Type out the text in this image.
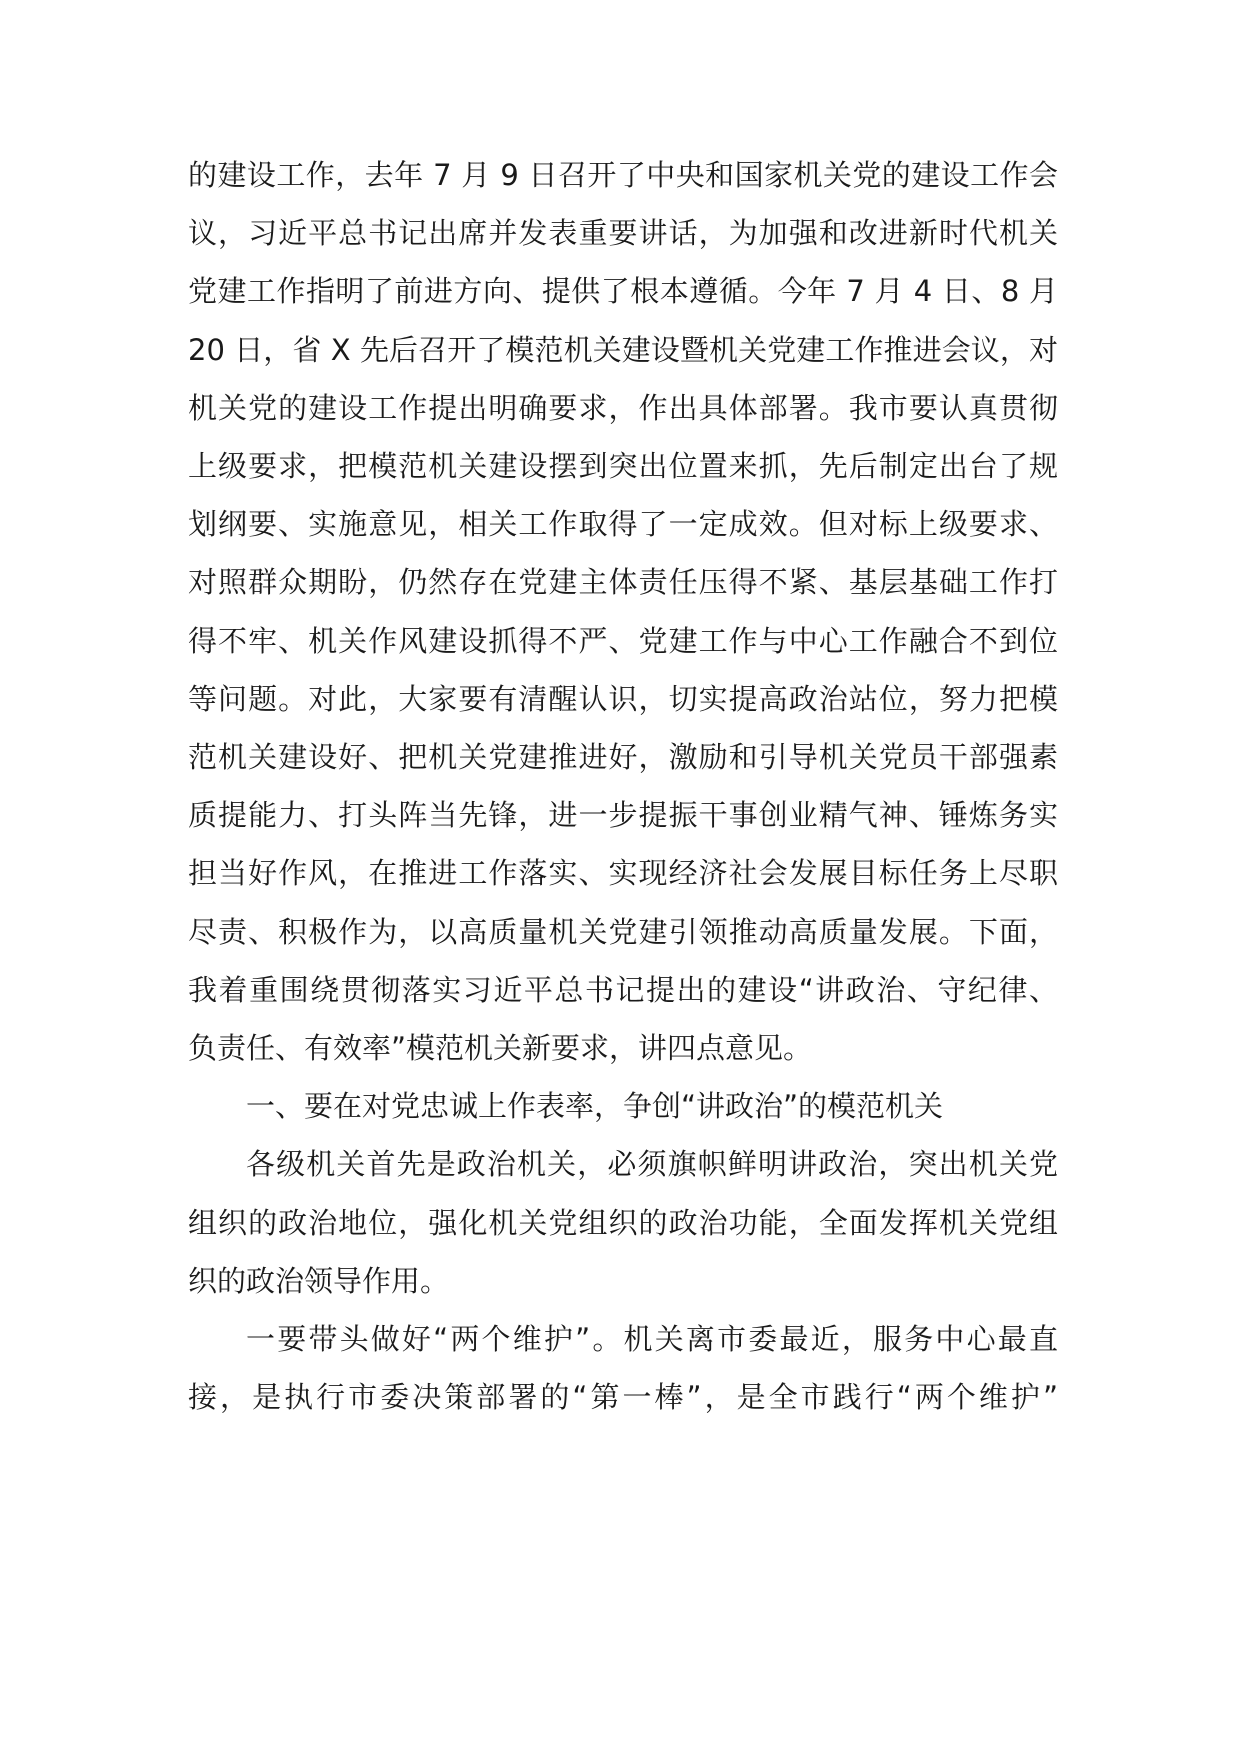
的建设工作，去年 7 月 9 日召开了中央和国家机关党的建设工作会
议，习近平总书记出席并发表重要讲话，为加强和改进新时代机关
党建工作指明了前进方向、提供了根本遵循。今年 7 月 4 日、8 月
20 日，省 X 先后召开了模范机关建设暨机关党建工作推进会议，对
机关党的建设工作提出明确要求，作出具体部署。我市要认真贯彻
上级要求，把模范机关建设摆到突出位置来抓，先后制定出台了规
划纲要、实施意见，相关工作取得了一定成效。但对标上级要求、
对照群众期盼，仍然存在党建主体责任压得不紧、基层基础工作打
得不牢、机关作风建设抓得不严、党建工作与中心工作融合不到位
等问题。对此，大家要有清醒认识，切实提高政治站位，努力把模
范机关建设好、把机关党建推进好，激励和引导机关党员干部强素
质提能力、打头阵当先锋，进一步提振干事创业精气神、锤炼务实
担当好作风，在推进工作落实、实现经济社会发展目标任务上尽职
尽责、积极作为，以高质量机关党建引领推动高质量发展。下面，
我着重围绕贯彻落实习近平总书记提出的建设“讲政治、守纪律、
负责任、有效率”模范机关新要求，讲四点意见。
一、要在对党忠诚上作表率，争创“讲政治”的模范机关
各级机关首先是政治机关，必须旗帜鲜明讲政治，突出机关党
组织的政治地位，强化机关党组织的政治功能，全面发挥机关党组
织的政治领导作用。
一要带头做好“两个维护”。机关离市委最近，服务中心最直
接，是执行市委决策部署的“第一棒”，是全市践行“两个维护”
